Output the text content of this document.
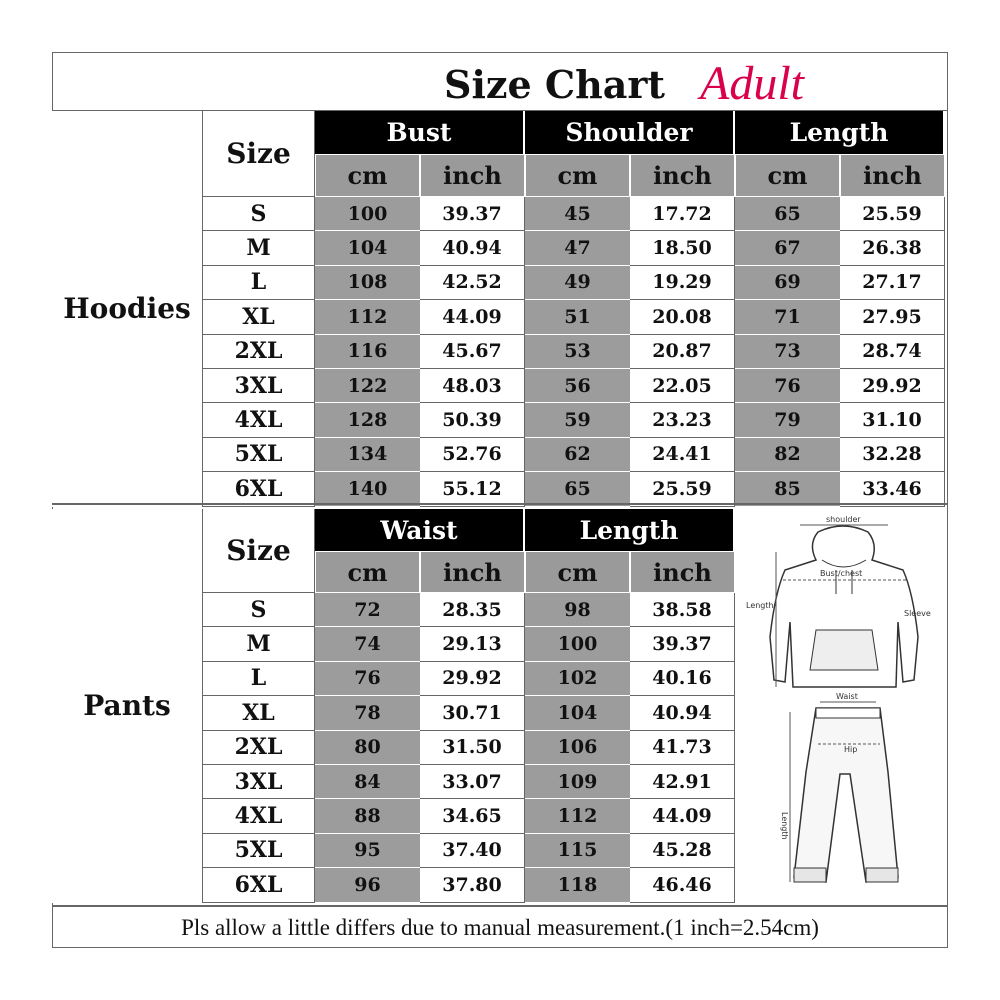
Size Chart Adult
Hoodies
Size
Bust	Shoulder	Length
cm	inch	cm	inch	cm	inch
S	100	39.37	45	17.72	65	25.59
M	104	40.94	47	18.50	67	26.38
L	108	42.52	49	19.29	69	27.17
XL	112	44.09	51	20.08	71	27.95
2XL	116	45.67	53	20.87	73	28.74
3XL	122	48.03	56	22.05	76	29.92
4XL	128	50.39	59	23.23	79	31.10
5XL	134	52.76	62	24.41	82	32.28
6XL	140	55.12	65	25.59	85	33.46
Pants
Size
Waist	Length
cm	inch	cm	inch
S	72	28.35	98	38.58
M	74	29.13	100	39.37
L	76	29.92	102	40.16
XL	78	30.71	104	40.94
2XL	80	31.50	106	41.73
3XL	84	33.07	109	42.91
4XL	88	34.65	112	44.09
5XL	95	37.40	115	45.28
6XL	96	37.80	118	46.46
shoulder
Bust/chest
Length
Sleeve
Waist
Hip
Length
Pls allow a little differs due to manual measurement.(1 inch=2.54cm)
